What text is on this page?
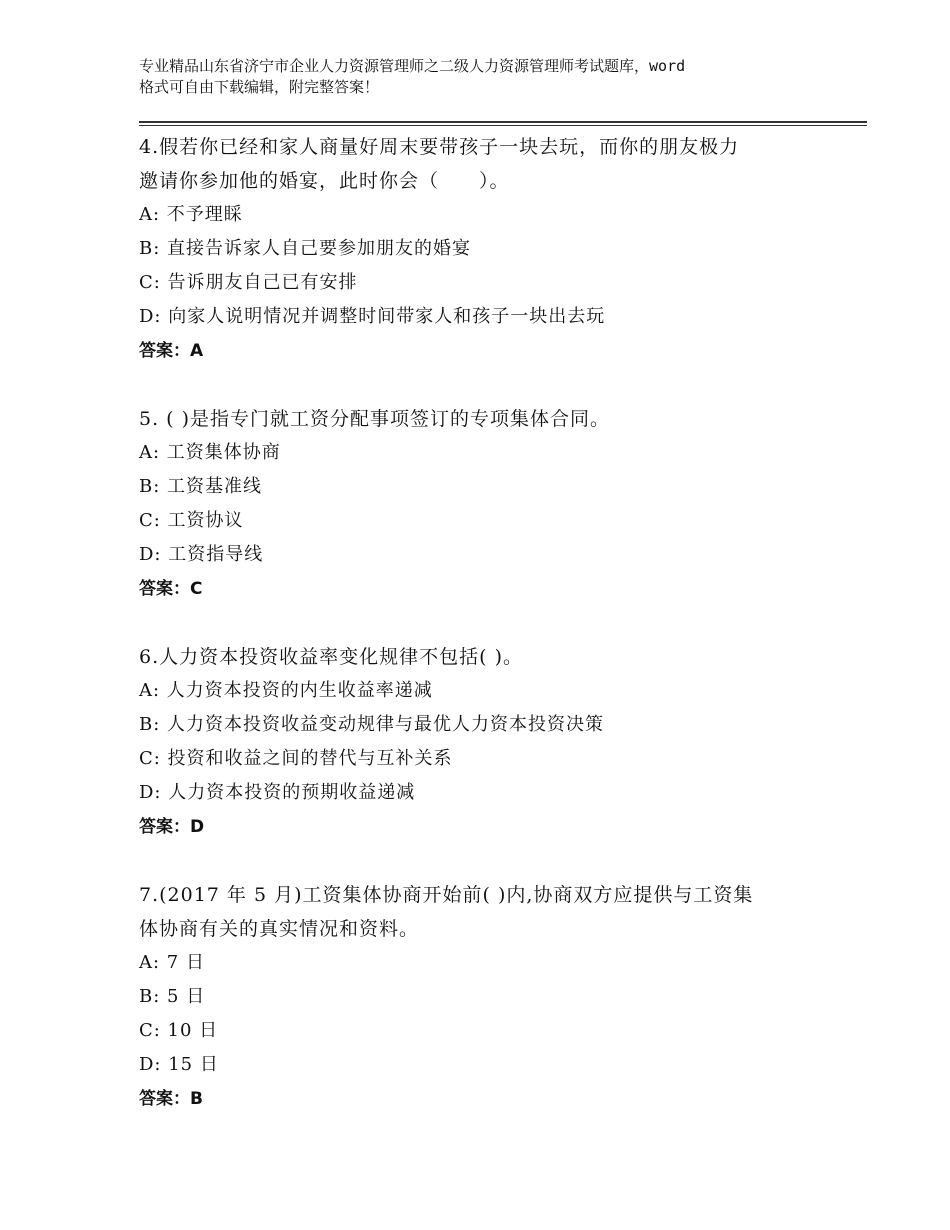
专业精品山东省济宁市企业人力资源管理师之二级人力资源管理师考试题库，word
格式可自由下载编辑，附完整答案！
4.假若你已经和家人商量好周末要带孩子一块去玩，而你的朋友极力
邀请你参加他的婚宴，此时你会（　　）。
A: 不予理睬
B: 直接告诉家人自己要参加朋友的婚宴
C: 告诉朋友自己已有安排
D: 向家人说明情况并调整时间带家人和孩子一块出去玩
答案：A
5. ( )是指专门就工资分配事项签订的专项集体合同。
A: 工资集体协商
B: 工资基准线
C: 工资协议
D: 工资指导线
答案：C
6.人力资本投资收益率变化规律不包括( )。
A: 人力资本投资的内生收益率递减
B: 人力资本投资收益变动规律与最优人力资本投资决策
C: 投资和收益之间的替代与互补关系
D: 人力资本投资的预期收益递减
答案：D
7.(2017 年 5 月)工资集体协商开始前( )内,协商双方应提供与工资集
体协商有关的真实情况和资料。
A: 7 日
B: 5 日
C: 10 日
D: 15 日
答案：B
